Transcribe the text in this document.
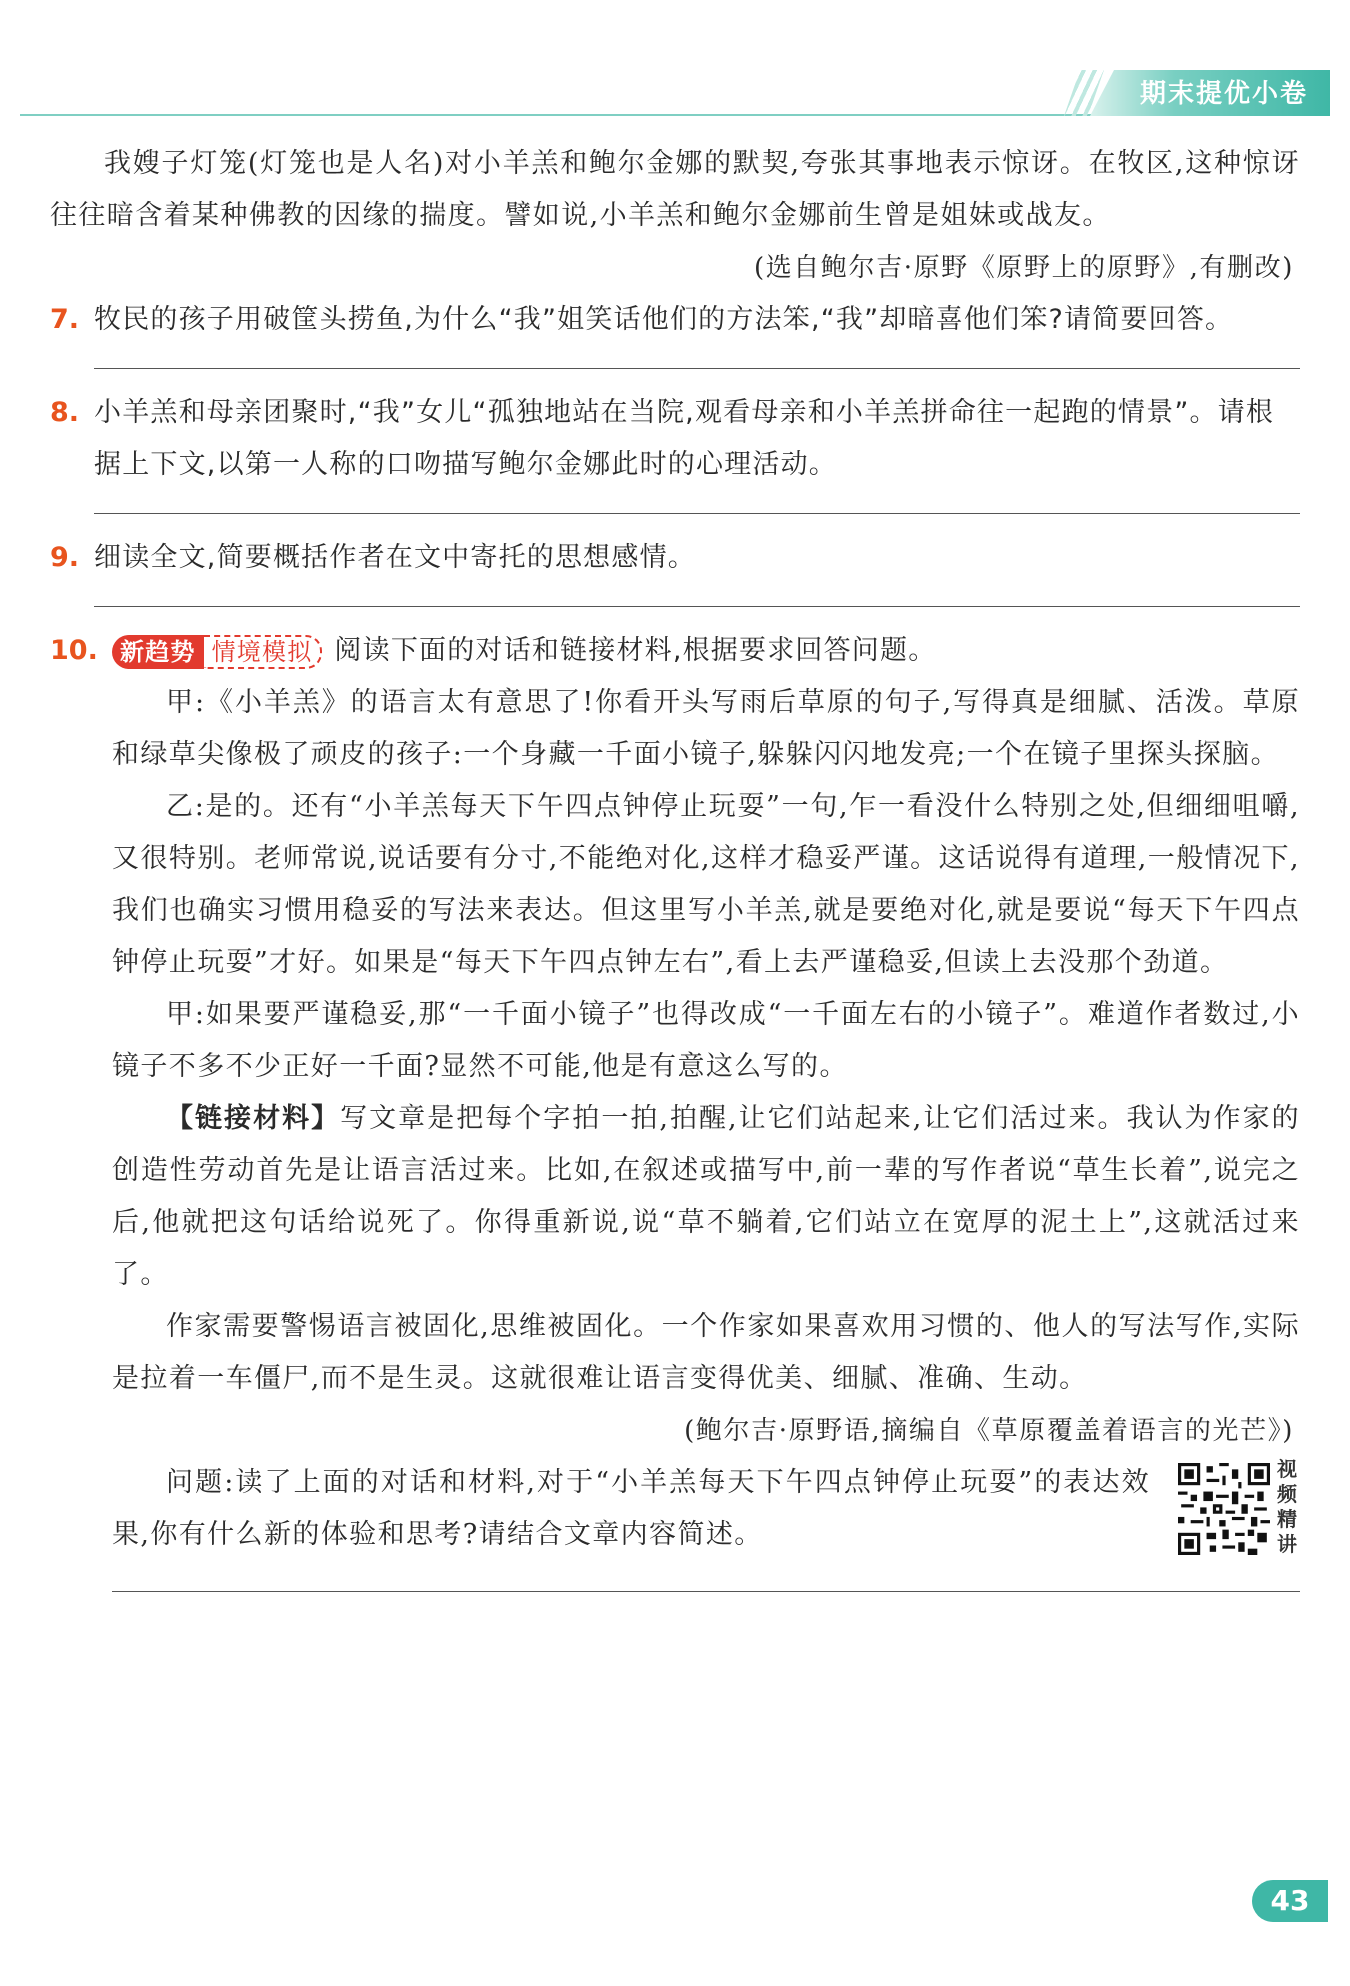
期末提优小卷

我嫂子灯笼(灯笼也是人名)对小羊羔和鲍尔金娜的默契,夸张其事地表示惊讶。在牧区,这种惊讶往往暗含着某种佛教的因缘的揣度。譬如说,小羊羔和鲍尔金娜前生曾是姐妹或战友。

(选自鲍尔吉·原野《原野上的原野》,有删改)

7. 牧民的孩子用破筐头捞鱼,为什么“我”姐笑话他们的方法笨,“我”却暗喜他们笨?请简要回答。

8. 小羊羔和母亲团聚时,“我”女儿“孤独地站在当院,观看母亲和小羊羔拼命往一起跑的情景”。请根据上下文,以第一人称的口吻描写鲍尔金娜此时的心理活动。

9. 细读全文,简要概括作者在文中寄托的思想感情。

10. 新趋势 情境模拟 阅读下面的对话和链接材料,根据要求回答问题。

甲:《小羊羔》的语言太有意思了!你看开头写雨后草原的句子,写得真是细腻、活泼。草原和绿草尖像极了顽皮的孩子:一个身藏一千面小镜子,躲躲闪闪地发亮;一个在镜子里探头探脑。

乙:是的。还有“小羊羔每天下午四点钟停止玩耍”一句,乍一看没什么特别之处,但细细咀嚼,又很特别。老师常说,说话要有分寸,不能绝对化,这样才稳妥严谨。这话说得有道理,一般情况下,我们也确实习惯用稳妥的写法来表达。但这里写小羊羔,就是要绝对化,就是要说“每天下午四点钟停止玩耍”才好。如果是“每天下午四点钟左右”,看上去严谨稳妥,但读上去没那个劲道。

甲:如果要严谨稳妥,那“一千面小镜子”也得改成“一千面左右的小镜子”。难道作者数过,小镜子不多不少正好一千面?显然不可能,他是有意这么写的。

【链接材料】写文章是把每个字拍一拍,拍醒,让它们站起来,让它们活过来。我认为作家的创造性劳动首先是让语言活过来。比如,在叙述或描写中,前一辈的写作者说“草生长着”,说完之后,他就把这句话给说死了。你得重新说,说“草不躺着,它们站立在宽厚的泥土上”,这就活过来了。

作家需要警惕语言被固化,思维被固化。一个作家如果喜欢用习惯的、他人的写法写作,实际是拉着一车僵尸,而不是生灵。这就很难让语言变得优美、细腻、准确、生动。

(鲍尔吉·原野语,摘编自《草原覆盖着语言的光芒》)

问题:读了上面的对话和材料,对于“小羊羔每天下午四点钟停止玩耍”的表达效果,你有什么新的体验和思考?请结合文章内容简述。

视频精讲
43
